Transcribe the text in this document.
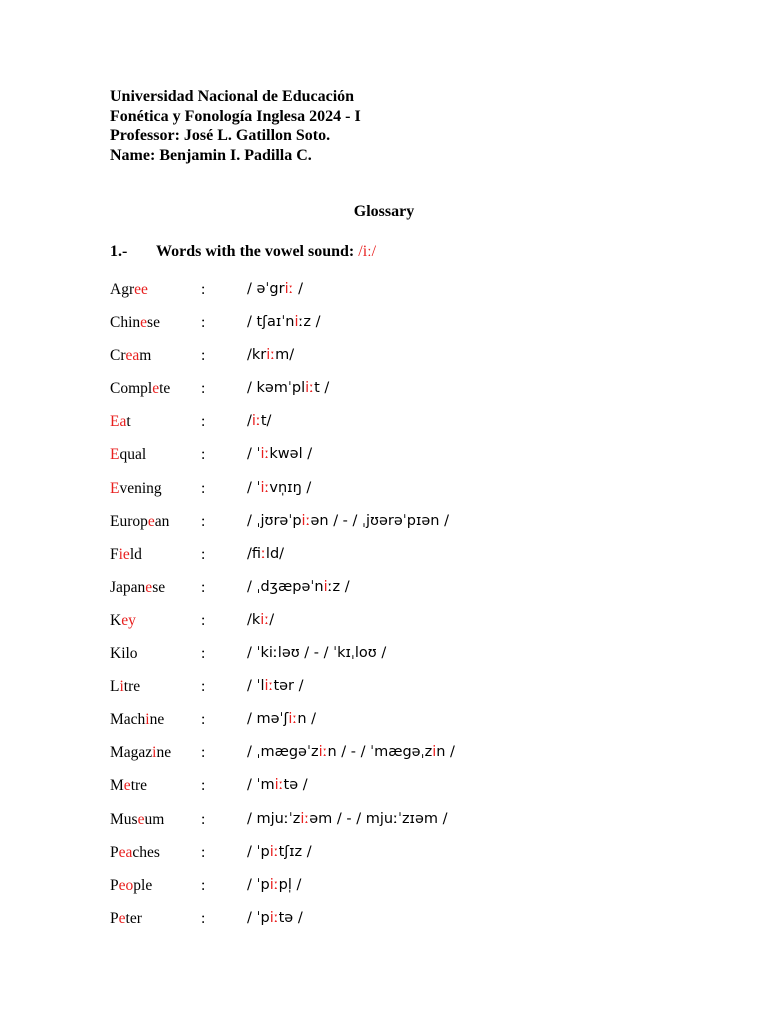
Universidad Nacional de Educación
Fonética y Fonología Inglesa 2024 - I
Professor: José L. Gatillon Soto.
Name: Benjamin I. Padilla C.
Glossary
1.- Words with the vowel sound: /iː/
Agree	:	/ əˈgriː /
Chinese	:	/ tʃaɪˈniːz /
Cream	:	/kriːm/
Complete :	/ kəmˈpliːt /
Eat	:	/iːt/
Equal	:	/ ˈiːkwəl /
Evening	:	/ ˈiːvn̩ɪŋ /
European :	/ ˌjʊrəˈpiːən / - / ˌjʊərəˈpɪən /
Field	:	/fiːld/
Japanese :	/ ˌdʒæpəˈniːz /
Key	:	/kiː/
Kilo	:	/ ˈkiːləʊ / - / ˈkɪˌloʊ /
Litre	:	/ ˈliːtər /
Machine :	/ məˈʃiːn /
Magazine :	/ ˌmægəˈziːn / - / ˈmægəˌzin /
Metre	:	/ ˈmiːtə /
Museum :	/ mjuːˈziːəm / - / mjuːˈzɪəm /
Peaches	:	/ ˈpiːtʃɪz /
People	:	/ ˈpiːpl̩ /
Peter	:	/ ˈpiːtə /
